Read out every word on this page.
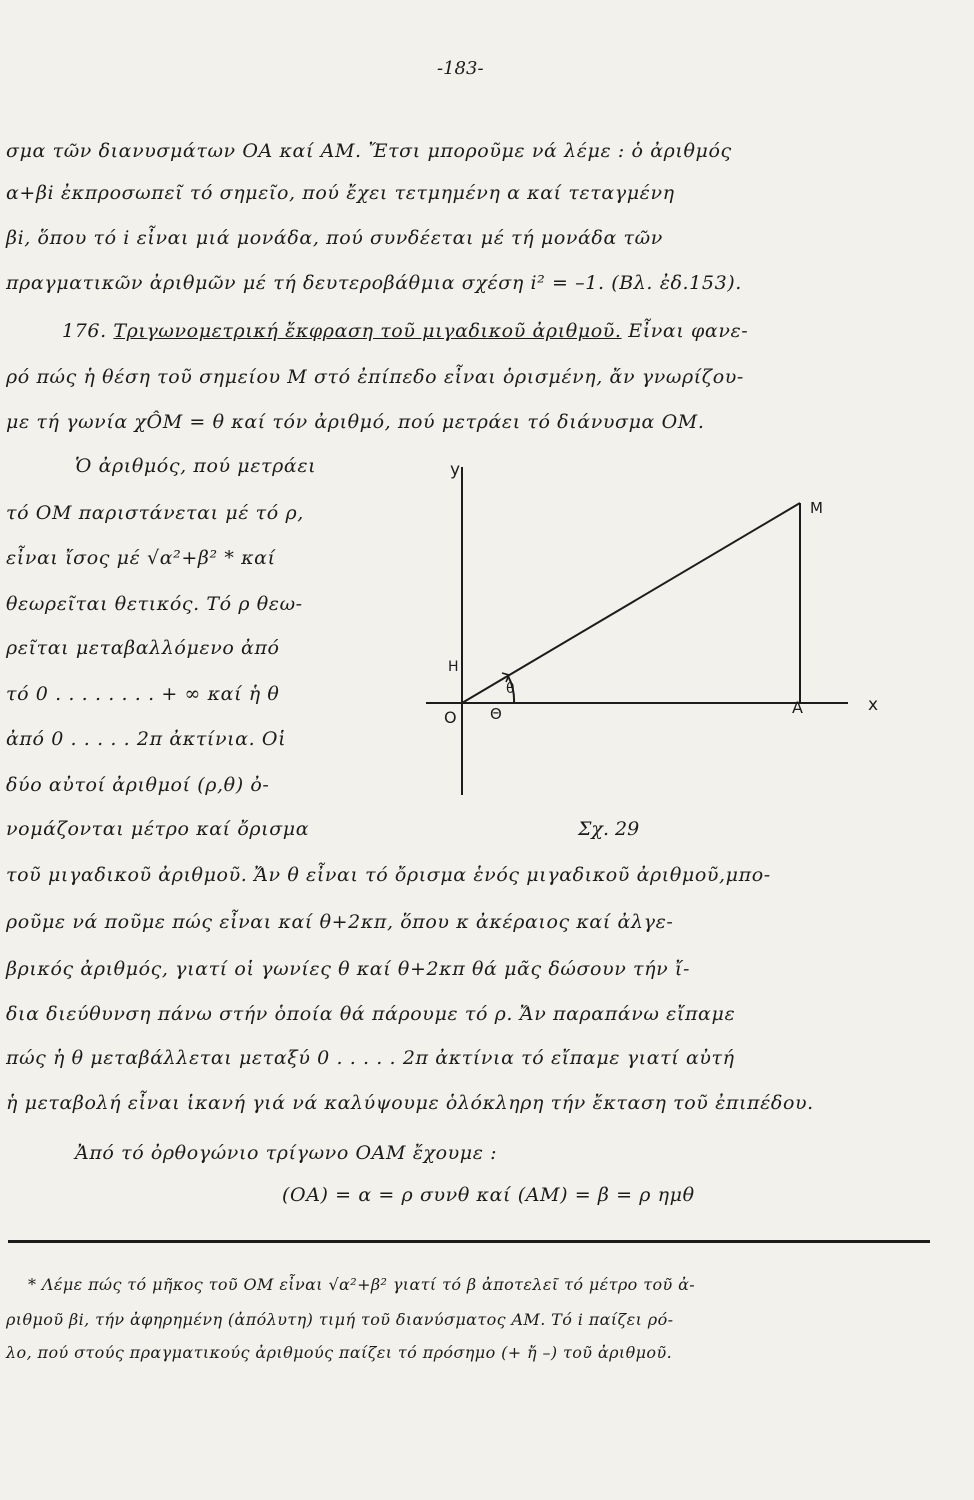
-183-
σμα τῶν διανυσμάτων ΟΑ καί ΑΜ. Ἔτσι μποροῦμε νά λέμε : ὁ ἀριθμός
α+βi ἐκπροσωπεῖ τό σημεῖο, πού ἔχει τετμημένη α καί τεταγμένη
βi, ὅπου τό i εἶναι μιά μονάδα, πού συνδέεται μέ τή μονάδα τῶν
πραγματικῶν ἀριθμῶν μέ τή δευτεροβάθμια σχέση i² = –1. (Βλ. ἐδ.153).
176. Τριγωνομετρική ἔκφραση τοῦ μιγαδικοῦ ἀριθμοῦ. Εἶναι φανε-
ρό πώς ἡ θέση τοῦ σημείου Μ στό ἐπίπεδο εἶναι ὁρισμένη, ἄν γνωρίζου-
με τή γωνία χÔΜ = θ καί τόν ἀριθμό, πού μετράει τό διάνυσμα ΟΜ.
Ὁ ἀριθμός, πού μετράει
τό ΟΜ παριστάνεται μέ τό ρ,
εἶναι ἴσος μέ √α²+β² * καί
θεωρεῖται θετικός. Τό ρ θεω-
ρεῖται μεταβαλλόμενο ἀπό
τό 0 . . . . . . . . + ∞ καί ἡ θ
ἀπό 0 . . . . . 2π ἀκτίνια. Οἱ
δύο αὐτοί ἀριθμοί (ρ,θ) ὀ-
νομάζονται μέτρο καί ὄρισμα
y
x
M
A
O
H
Θ
θ
Σχ. 29
τοῦ μιγαδικοῦ ἀριθμοῦ. Ἄν θ εἶναι τό ὄρισμα ἑνός μιγαδικοῦ ἀριθμοῦ,μπο-
ροῦμε νά ποῦμε πώς εἶναι καί θ+2κπ, ὅπου κ ἀκέραιος καί ἀλγε-
βρικός ἀριθμός, γιατί οἱ γωνίες θ καί θ+2κπ θά μᾶς δώσουν τήν ἴ-
δια διεύθυνση πάνω στήν ὁποία θά πάρουμε τό ρ. Ἄν παραπάνω εἴπαμε
πώς ἡ θ μεταβάλλεται μεταξύ 0 . . . . . 2π ἀκτίνια τό εἴπαμε γιατί αὐτή
ἡ μεταβολή εἶναι ἱκανή γιά νά καλύψουμε ὁλόκληρη τήν ἔκταση τοῦ ἐπιπέδου.
Ἀπό τό ὀρθογώνιο τρίγωνο ΟΑΜ ἔχουμε :
(ΟΑ) = α = ρ συνθ καί (ΑΜ) = β = ρ ημθ
* Λέμε πώς τό μῆκος τοῦ ΟΜ εἶναι √α²+β² γιατί τό β ἀποτελεῖ τό μέτρο τοῦ ἀ-
ριθμοῦ βi, τήν ἀφηρημένη (ἀπόλυτη) τιμή τοῦ διανύσματος ΑΜ. Τό i παίζει ρό-
λο, πού στούς πραγματικούς ἀριθμούς παίζει τό πρόσημο (+ ἤ –) τοῦ ἀριθμοῦ.
